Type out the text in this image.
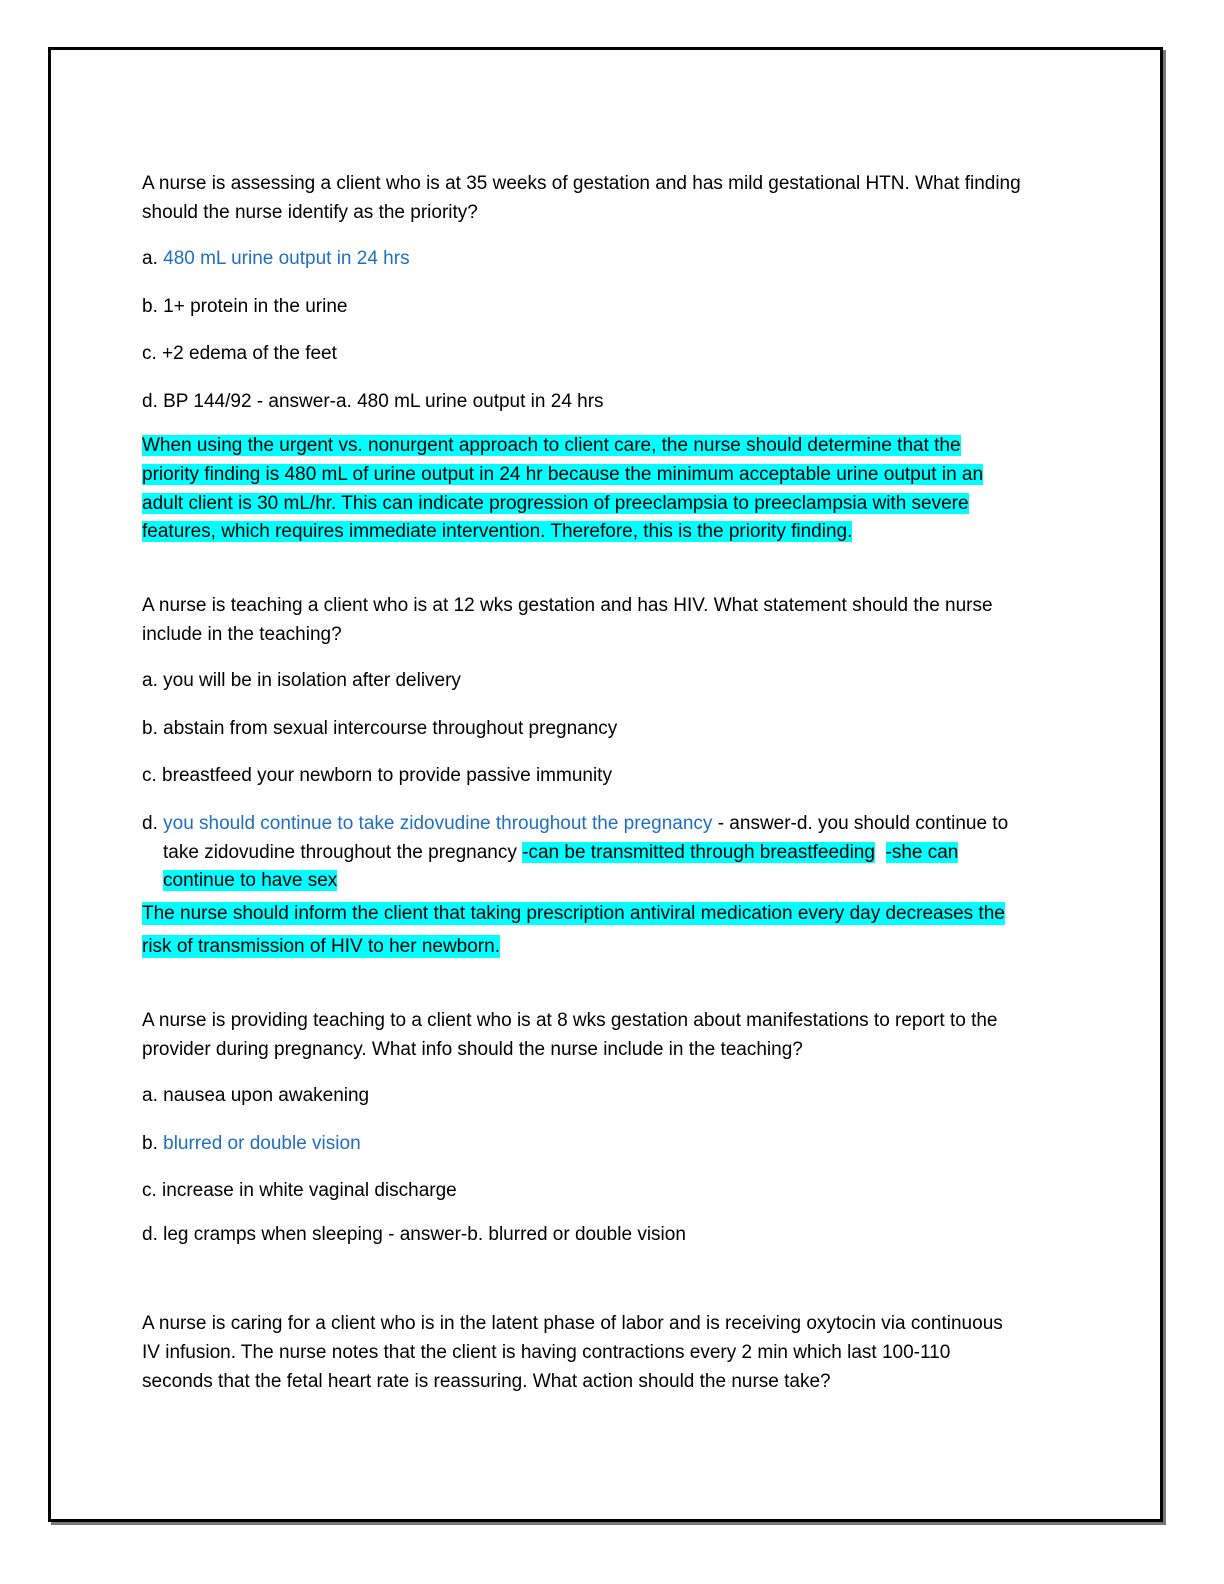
A nurse is assessing a client who is at 35 weeks of gestation and has mild gestational HTN. What finding
should the nurse identify as the priority?
a. 480 mL urine output in 24 hrs
b. 1+ protein in the urine
c. +2 edema of the feet
d. BP 144/92 - answer-a. 480 mL urine output in 24 hrs
When using the urgent vs. nonurgent approach to client care, the nurse should determine that the
priority finding is 480 mL of urine output in 24 hr because the minimum acceptable urine output in an
adult client is 30 mL/hr. This can indicate progression of preeclampsia to preeclampsia with severe
features, which requires immediate intervention. Therefore, this is the priority finding.
A nurse is teaching a client who is at 12 wks gestation and has HIV. What statement should the nurse
include in the teaching?
a. you will be in isolation after delivery
b. abstain from sexual intercourse throughout pregnancy
c. breastfeed your newborn to provide passive immunity
d. you should continue to take zidovudine throughout the pregnancy - answer-d. you should continue to
take zidovudine throughout the pregnancy -can be transmitted through breastfeeding -she can
continue to have sex
The nurse should inform the client that taking prescription antiviral medication every day decreases the
risk of transmission of HIV to her newborn.
A nurse is providing teaching to a client who is at 8 wks gestation about manifestations to report to the
provider during pregnancy. What info should the nurse include in the teaching?
a. nausea upon awakening
b. blurred or double vision
c. increase in white vaginal discharge
d. leg cramps when sleeping - answer-b. blurred or double vision
A nurse is caring for a client who is in the latent phase of labor and is receiving oxytocin via continuous
IV infusion. The nurse notes that the client is having contractions every 2 min which last 100-110
seconds that the fetal heart rate is reassuring. What action should the nurse take?
